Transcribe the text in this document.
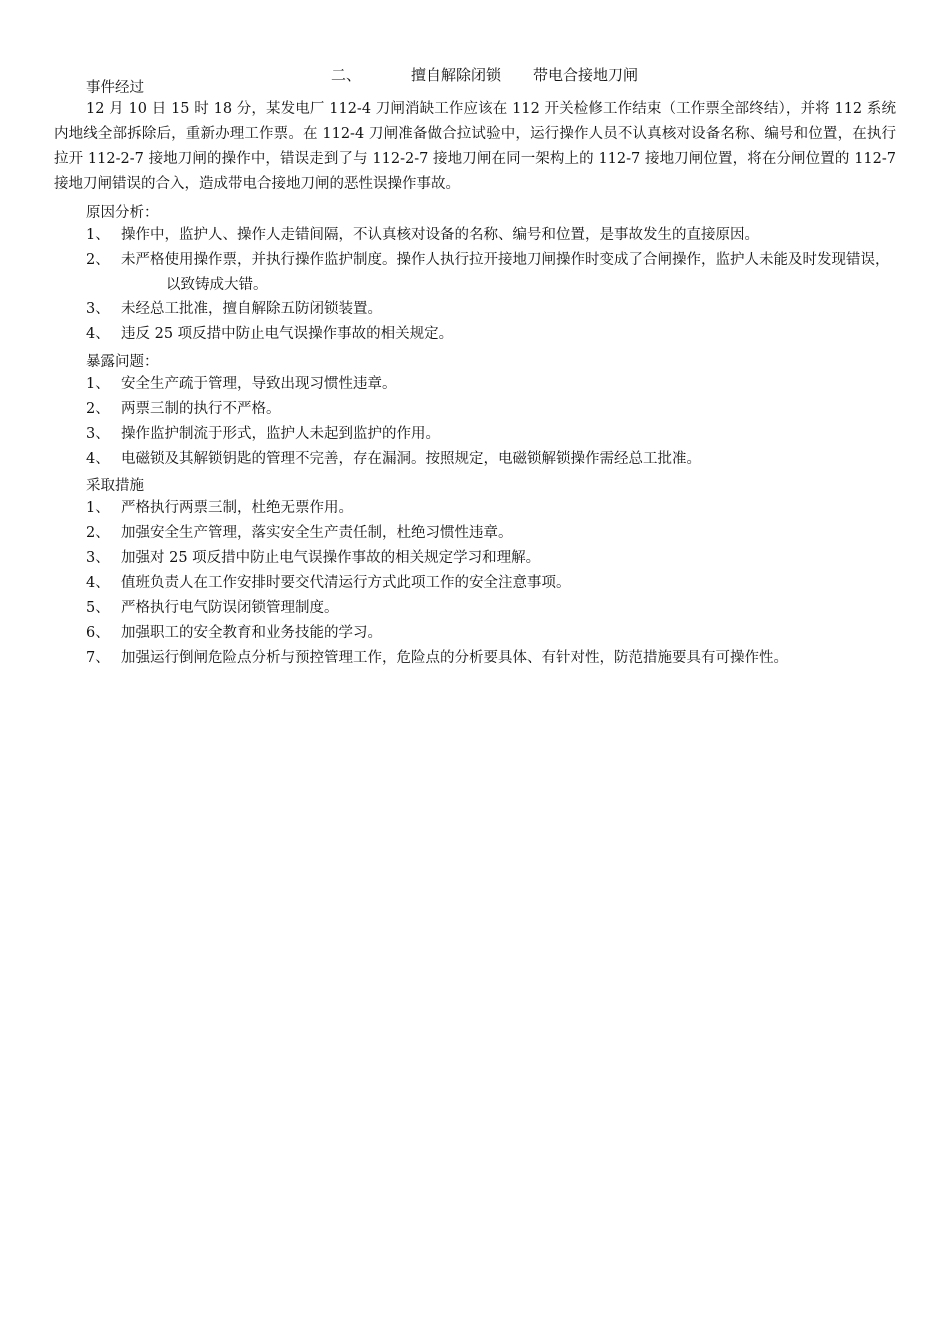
二、	擅自解除闭锁 带电合接地刀闸

事件经过

12 月 10 日 15 时 18 分，某发电厂 112-4 刀闸消缺工作应该在 112 开关检修工作结束（工作票全部终结），并将 112 系统内地线全部拆除后，重新办理工作票。在 112-4 刀闸准备做合拉试验中，运行操作人员不认真核对设备名称、编号和位置，在执行拉开 112-2-7 接地刀闸的操作中，错误走到了与 112-2-7 接地刀闸在同一架构上的 112-7 接地刀闸位置，将在分闸位置的 112-7 接地刀闸错误的合入，造成带电合接地刀闸的恶性误操作事故。

原因分析：
1、 操作中，监护人、操作人走错间隔，不认真核对设备的名称、编号和位置，是事故发生的直接原因。
2、 未严格使用操作票，并执行操作监护制度。操作人执行拉开接地刀闸操作时变成了合闸操作，监护人未能及时发现错误，以致铸成大错。
3、 未经总工批准，擅自解除五防闭锁装置。
4、 违反 25 项反措中防止电气误操作事故的相关规定。
暴露问题：
1、 安全生产疏于管理，导致出现习惯性违章。
2、 两票三制的执行不严格。
3、 操作监护制流于形式，监护人未起到监护的作用。
4、 电磁锁及其解锁钥匙的管理不完善，存在漏洞。按照规定，电磁锁解锁操作需经总工批准。
采取措施
1、 严格执行两票三制，杜绝无票作用。
2、 加强安全生产管理，落实安全生产责任制，杜绝习惯性违章。
3、 加强对 25 项反措中防止电气误操作事故的相关规定学习和理解。
4、 值班负责人在工作安排时要交代清运行方式此项工作的安全注意事项。
5、 严格执行电气防误闭锁管理制度。
6、 加强职工的安全教育和业务技能的学习。
7、 加强运行倒闸危险点分析与预控管理工作，危险点的分析要具体、有针对性，防范措施要具有可操作性。
